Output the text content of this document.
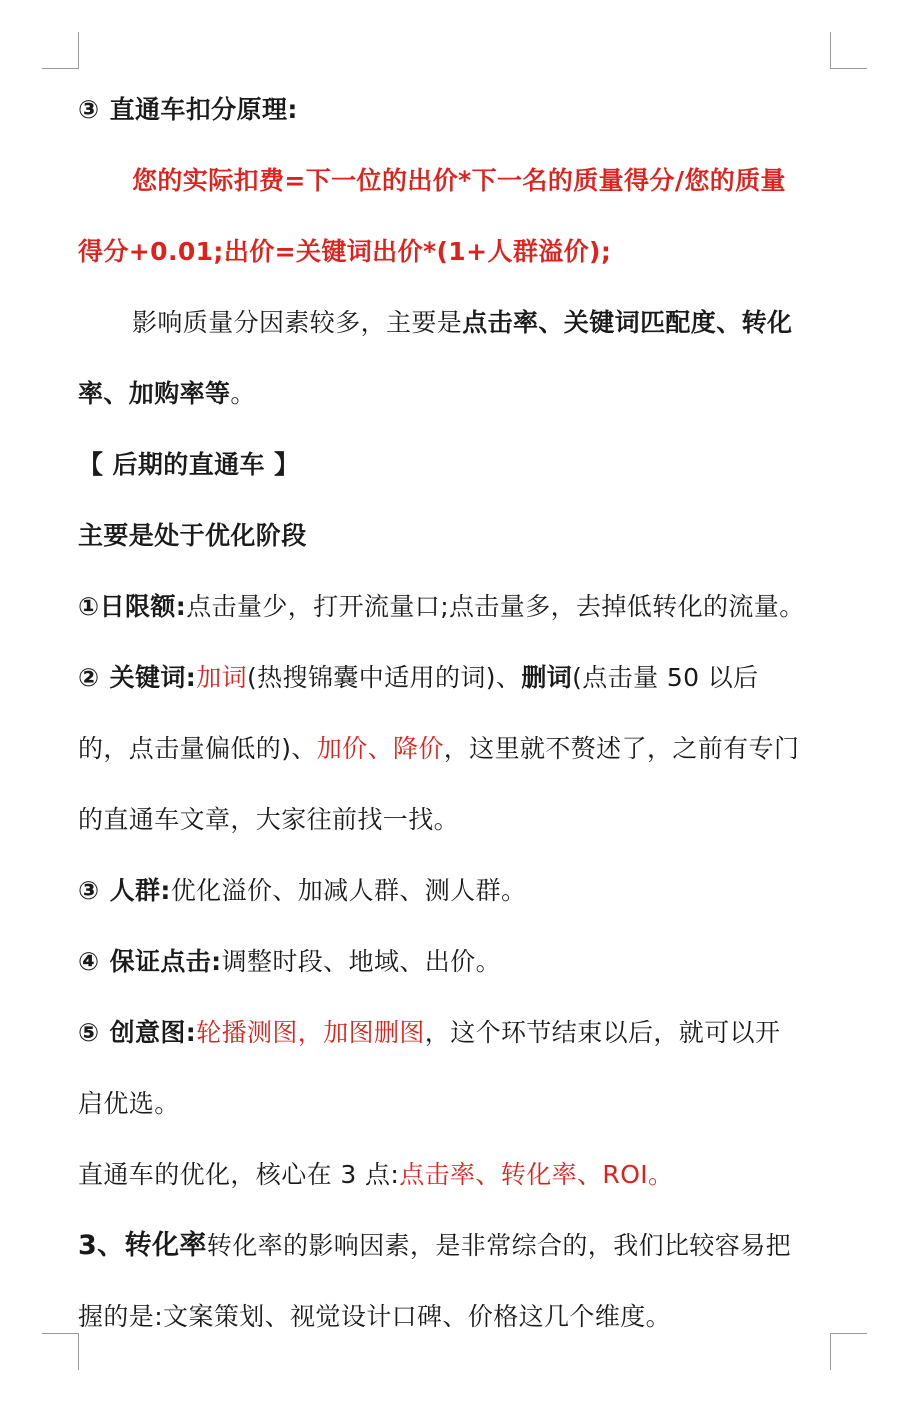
③ 直通车扣分原理:

您的实际扣费=下一位的出价*下一名的质量得分/您的质量

得分+0.01;出价=关键词出价*(1+人群溢价);

影响质量分因素较多，主要是点击率、关键词匹配度、转化

率、加购率等。

【 后期的直通车 】

主要是处于优化阶段

①日限额:点击量少，打开流量口;点击量多，去掉低转化的流量。

② 关键词:加词(热搜锦囊中适用的词)、删词(点击量 50 以后

的，点击量偏低的)、加价、降价，这里就不赘述了，之前有专门

的直通车文章，大家往前找一找。

③ 人群:优化溢价、加减人群、测人群。

④ 保证点击:调整时段、地域、出价。

⑤ 创意图:轮播测图，加图删图，这个环节结束以后，就可以开

启优选。

直通车的优化，核心在 3 点:点击率、转化率、ROI。

3、转化率转化率的影响因素，是非常综合的，我们比较容易把

握的是:文案策划、视觉设计口碑、价格这几个维度。
